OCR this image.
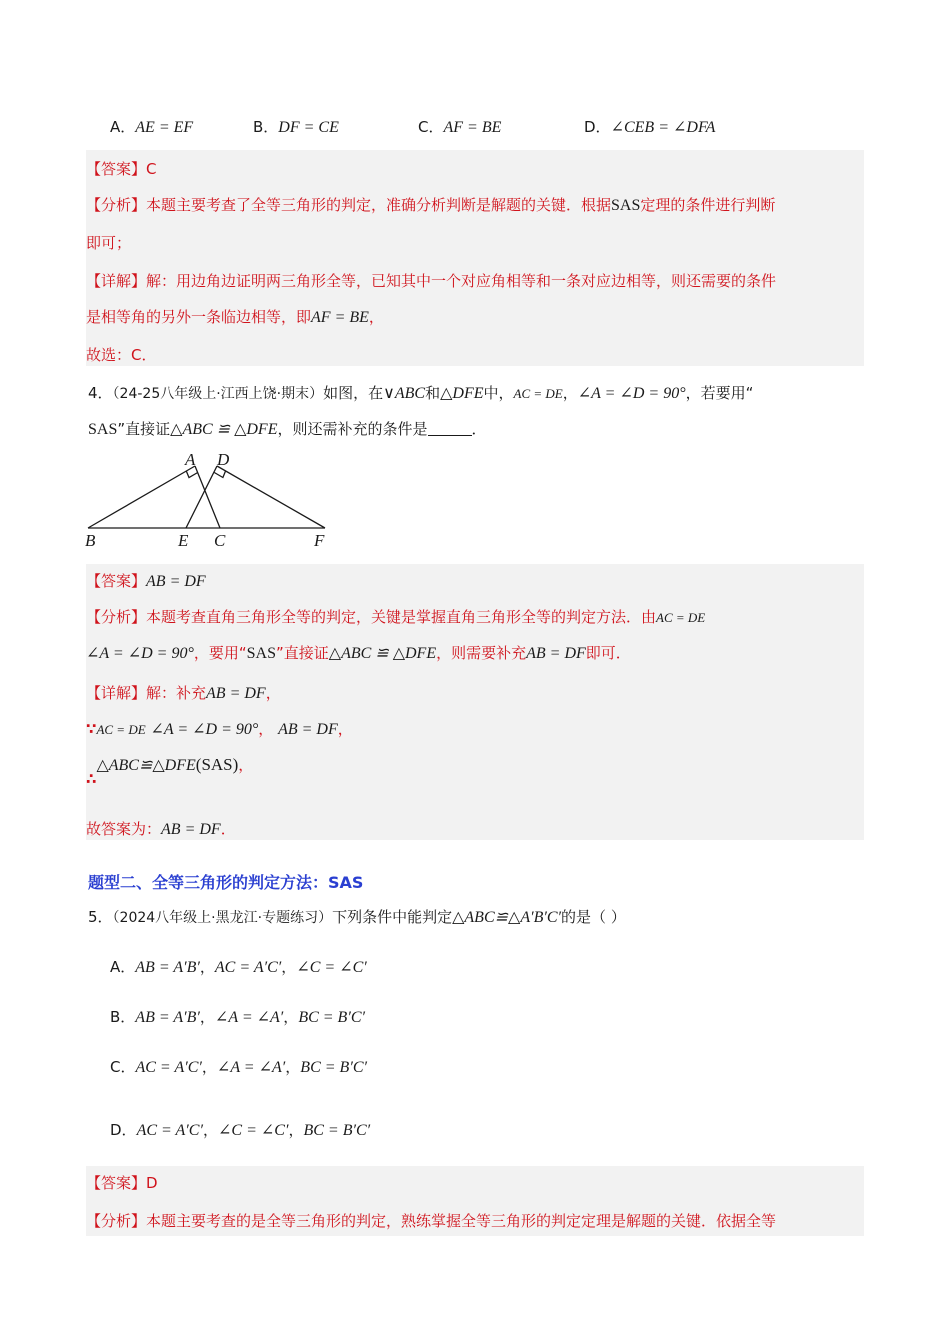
A．AE = EF	B．DF = CE	C．AF = BE	D．∠CEB = ∠DFA
【答案】C
【分析】本题主要考查了全等三角形的判定，准确分析判断是解题的关键．根据SAS定理的条件进行判断
即可；
【详解】解：用边角边证明两三角形全等，已知其中一个对应角相等和一条对应边相等，则还需要的条件
是相等角的另外一条临边相等，即AF = BE，
故选：C．
4．（24-25八年级上·江西上饶·期末）如图，在∨ABC和△DFE中，AC = DE，∠A = ∠D = 90°，若要用“
SAS”直接证△ABC ≌ △DFE，则还需补充的条件是	．
A D
B	E C	F
【答案】AB = DF
【分析】本题考查直角三角形全等的判定，关键是掌握直角三角形全等的判定方法．由AC = DE
∠A = ∠D = 90°，要用“SAS”直接证△ABC ≌ △DFE，则需要补充AB = DF即可．
【详解】解：补充AB = DF，
∵AC = DE ∠A = ∠D = 90°， AB = DF，
∴△ABC≌△DFE(SAS)，
故答案为：AB = DF．
题型二、全等三角形的判定方法：SAS
5．（2024八年级上·黑龙江·专题练习）下列条件中能判定△ABC≌△A′B′C′的是（ ）
A．AB = A′B′，AC = A′C′，∠C = ∠C′
B．AB = A′B′，∠A = ∠A′，BC = B′C′
C．AC = A′C′，∠A = ∠A′，BC = B′C′
D．AC = A′C′，∠C = ∠C′，BC = B′C′
【答案】D
【分析】本题主要考查的是全等三角形的判定，熟练掌握全等三角形的判定定理是解题的关键．依据全等
